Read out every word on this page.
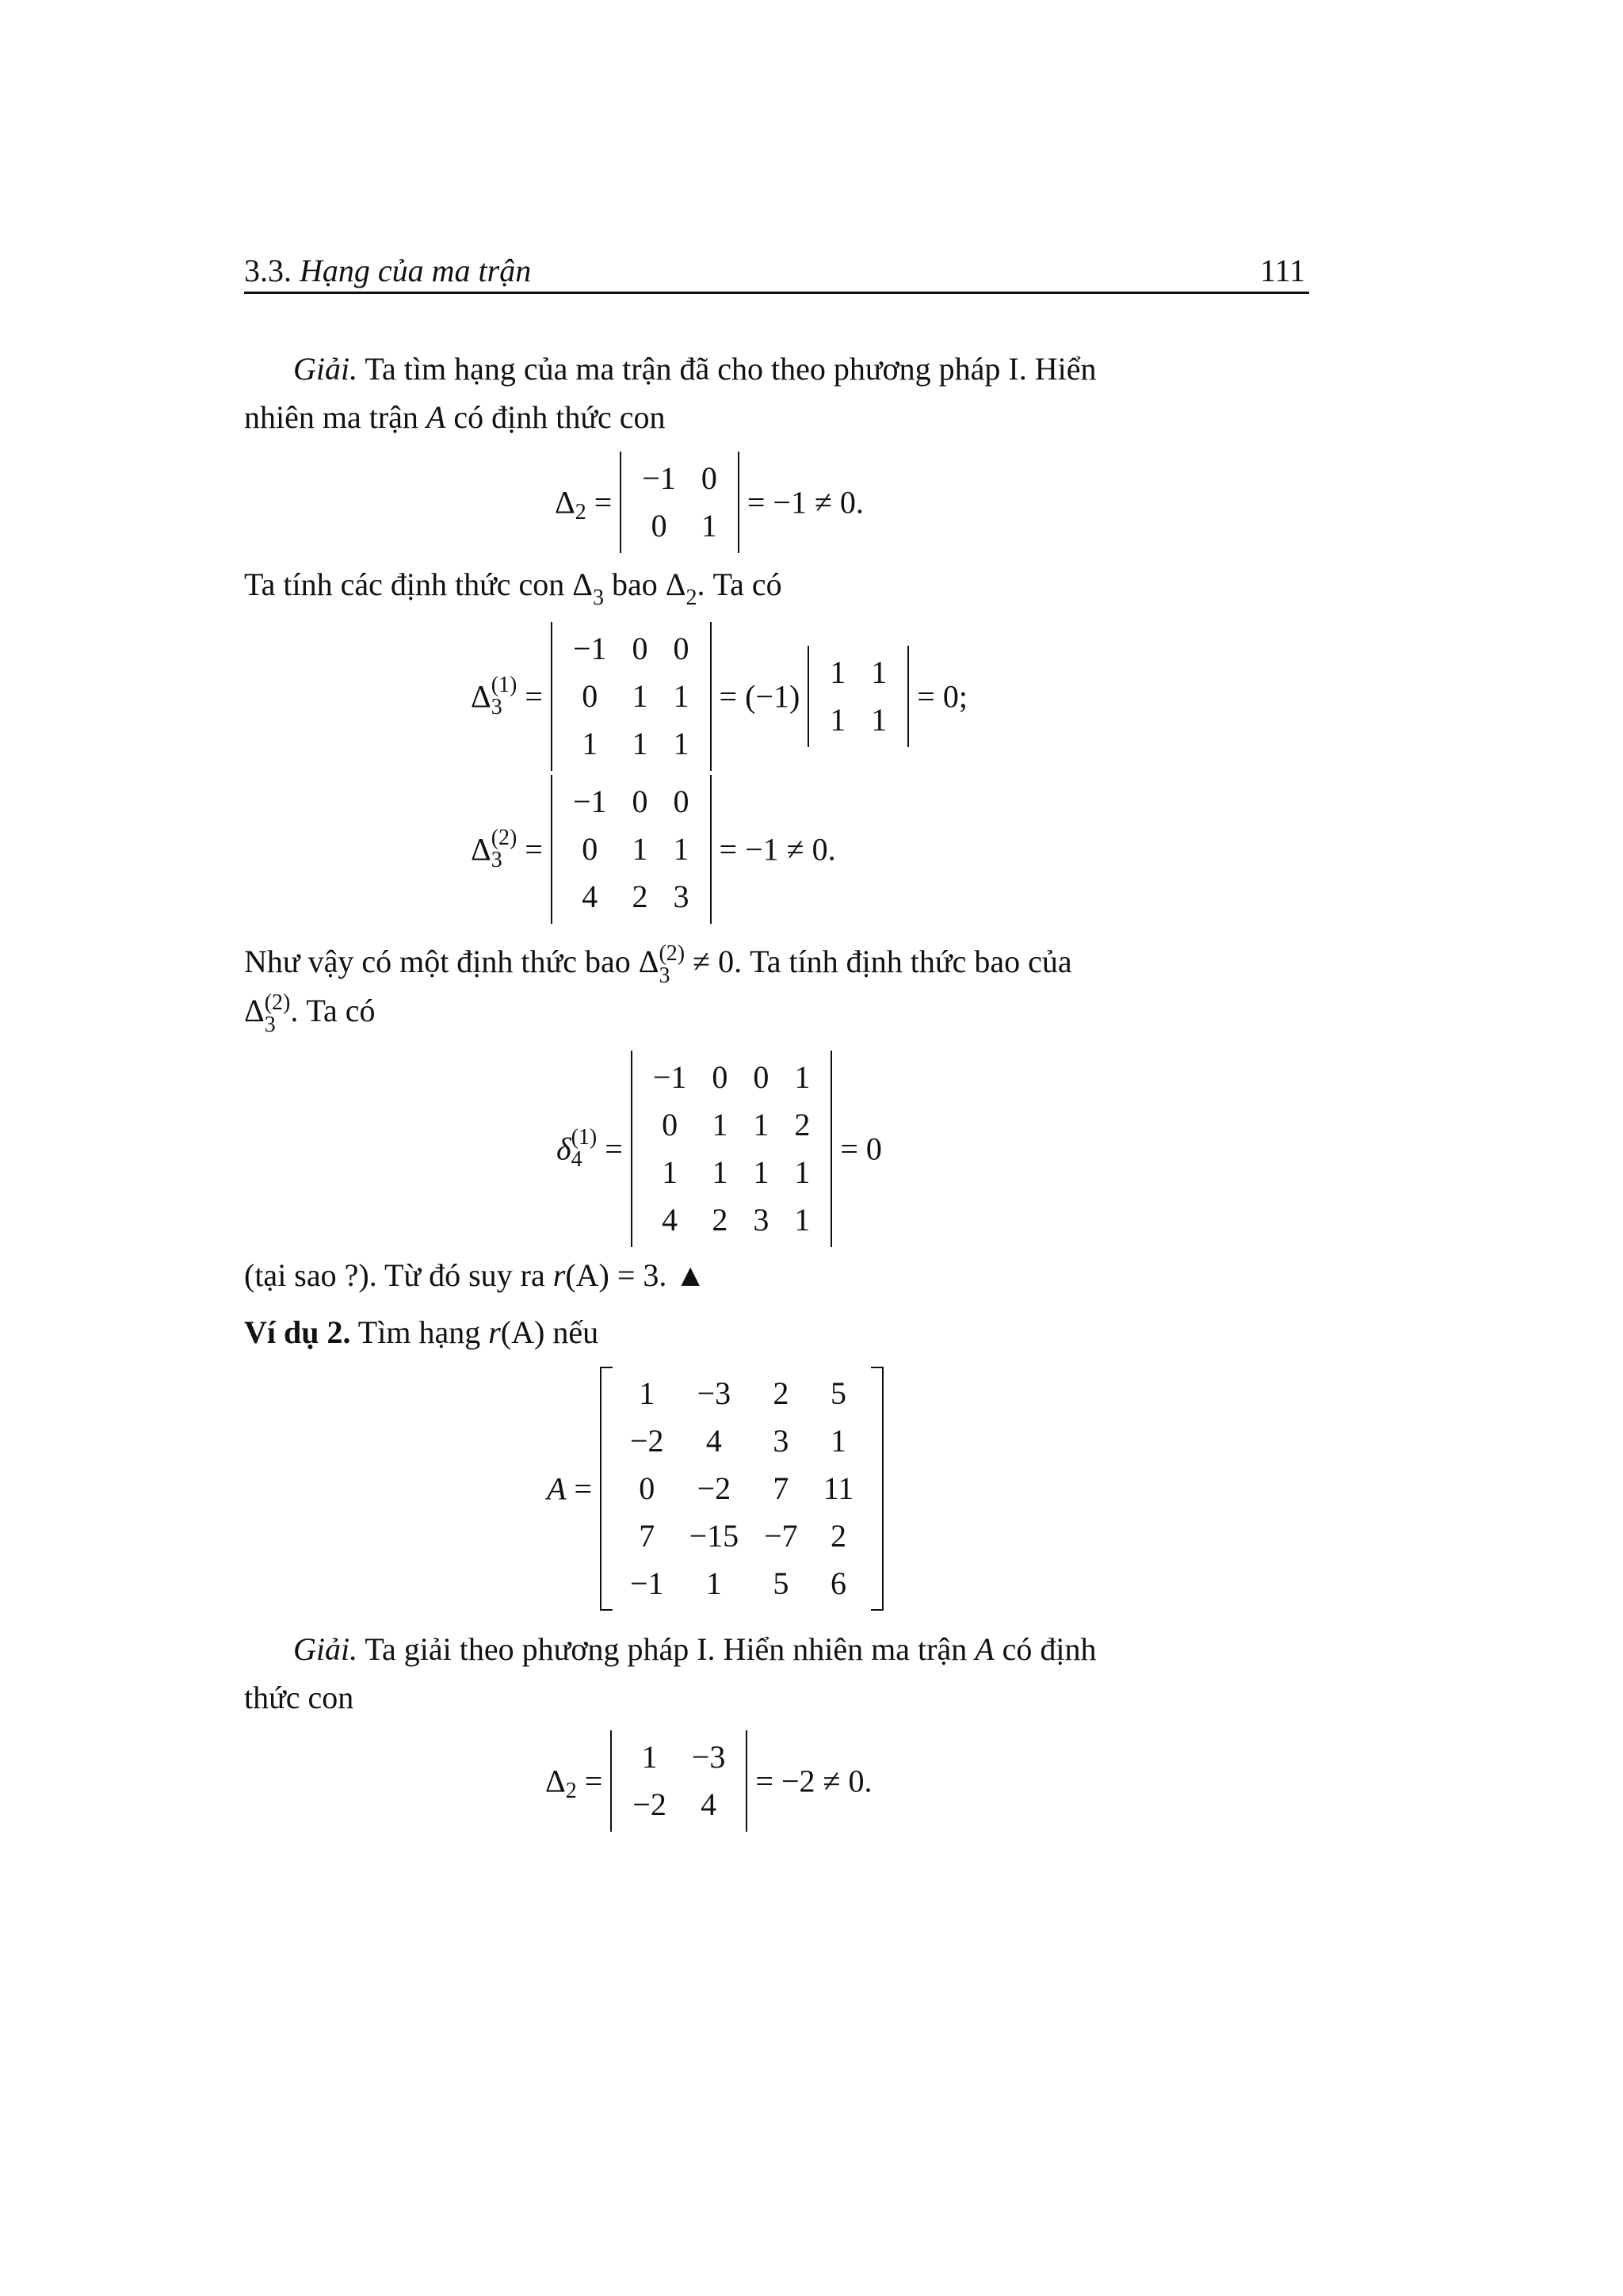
3.3. Hạng của ma trận	111
Giải. Ta tìm hạng của ma trận đã cho theo phương pháp I. Hiển
nhiên ma trận A có định thức con
$\Delta_2$ =
−1	0
0	1
= −1 ≠ 0.
Ta tính các định thức con $\Delta_3$ bao $\Delta_2$. Ta có
Δ (1)
3 =
−1	0	0
0	1	1
1	1	1
= (−1)
1	1
1	1
= 0;
Δ (2)
3 =
−1	0	0
0	1	1
4	2	3
= −1 ≠ 0.
Như vậy có một định thức bao Δ (2)
3 ≠ 0. Ta tính định thức bao của
Δ (2)
3 . Ta có
δ (1)
4 =
−1	0	0	1
0	1	1	2
1	1	1	1
4	2	3	1
= 0
(tại sao ?). Từ đó suy ra r(A) = 3. ▲
Ví dụ 2. Tìm hạng r(A) nếu
A =
1	−3	2	5
−2	4	3	1
0	−2	7	11
7	−15	−7	2
−1	1	5	6
Giải. Ta giải theo phương pháp I. Hiển nhiên ma trận A có định
thức con
$\Delta_2$ =
1	−3
−2	4
= −2 ≠ 0.
